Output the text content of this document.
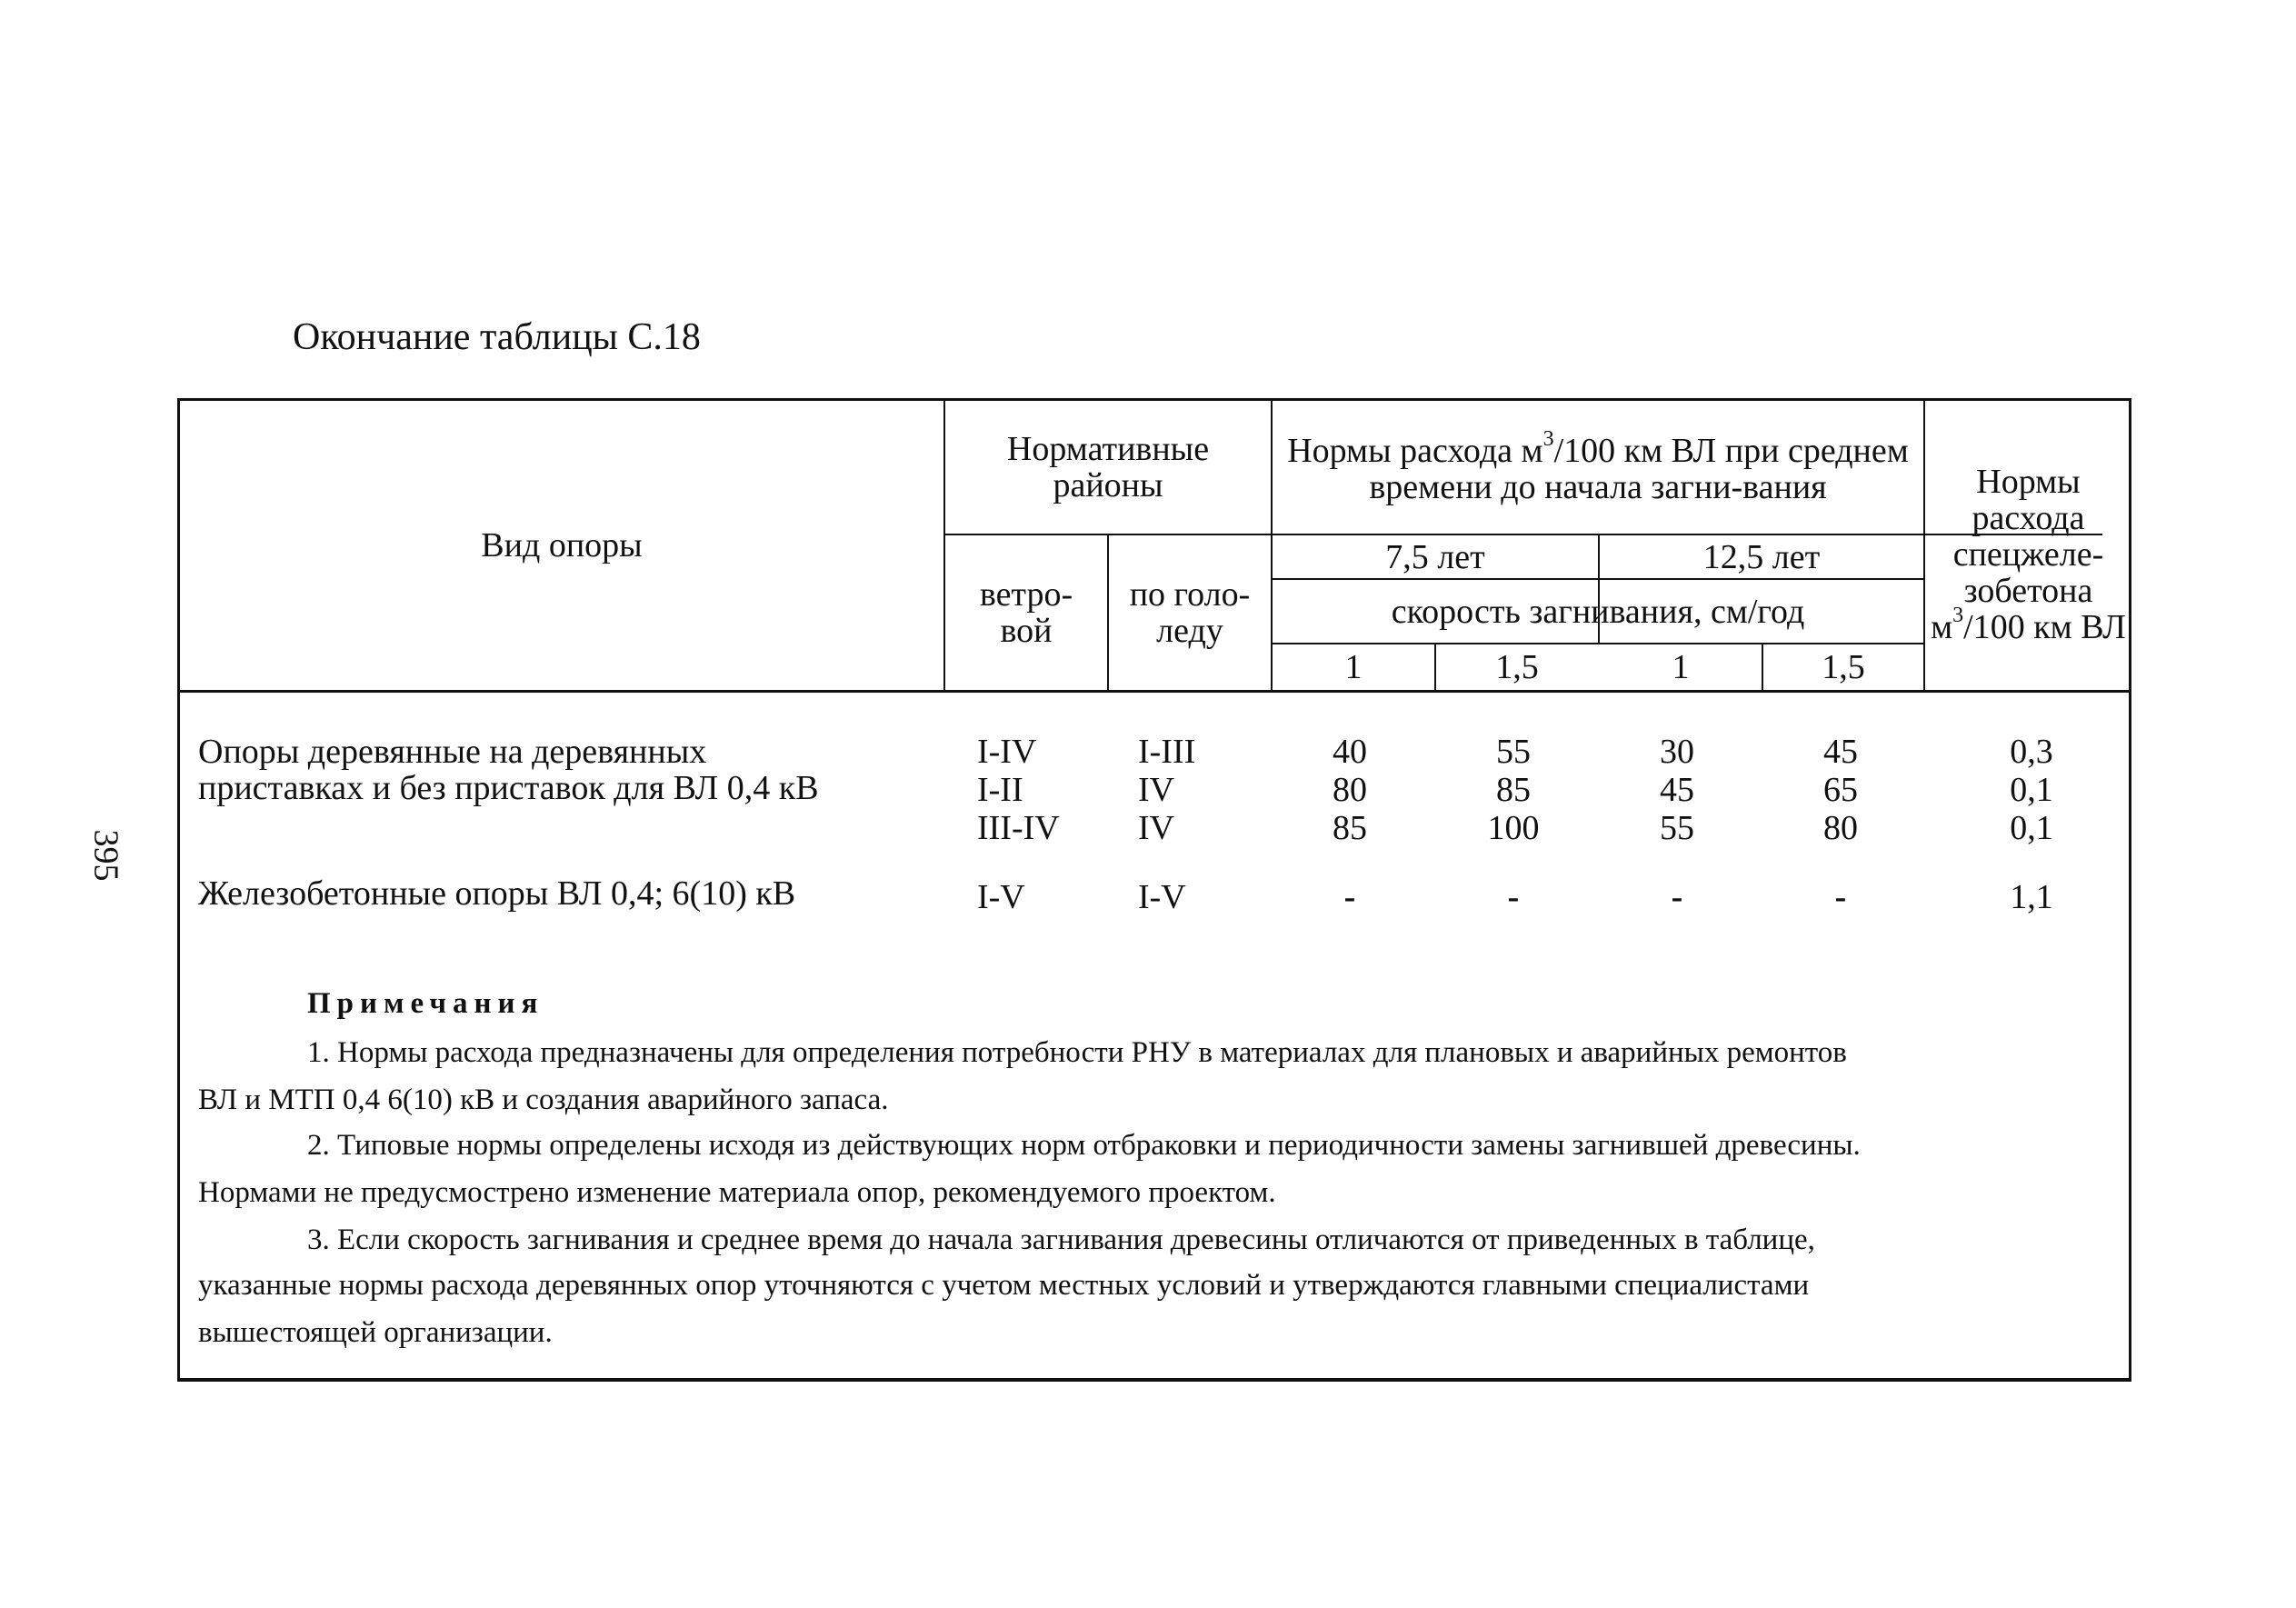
Окончание таблицы С.18
395
Вид опоры
Нормативные районы
ветро-вой
по голо-леду
Нормы расхода $м^3/100$ км ВЛ при среднем времени до начала загни-вания
7,5 лет	12,5 лет
скорость загнивания, см/год
1	1,5	1	1,5
Нормы расхода спецжеле-зобетона $м^3/100$ км ВЛ
Опоры деревянные на деревянных
приставках и без приставок для ВЛ 0,4 кВ
I-IV	I-III	40	55	30	45	0,3
I-II	IV	80	85	45	65	0,1
III-IV IV	85	100	55	80	0,1
Железобетонные опоры ВЛ 0,4; 6(10) кВ	I-V	I-V	-	-	-	-	1,1
Примечания
1. Нормы расхода предназначены для определения потребности РНУ в материалах для плановых и аварийных ремонтов
ВЛ и МТП 0,4 6(10) кВ и создания аварийного запаса.
2. Типовые нормы определены исходя из действующих норм отбраковки и периодичности замены загнившей древесины.
Нормами не предусмострено изменение материала опор, рекомендуемого проектом.
3. Если скорость загнивания и среднее время до начала загнивания древесины отличаются от приведенных в таблице,
указанные нормы расхода деревянных опор уточняются с учетом местных условий и утверждаются главными специалистами
вышестоящей организации.
